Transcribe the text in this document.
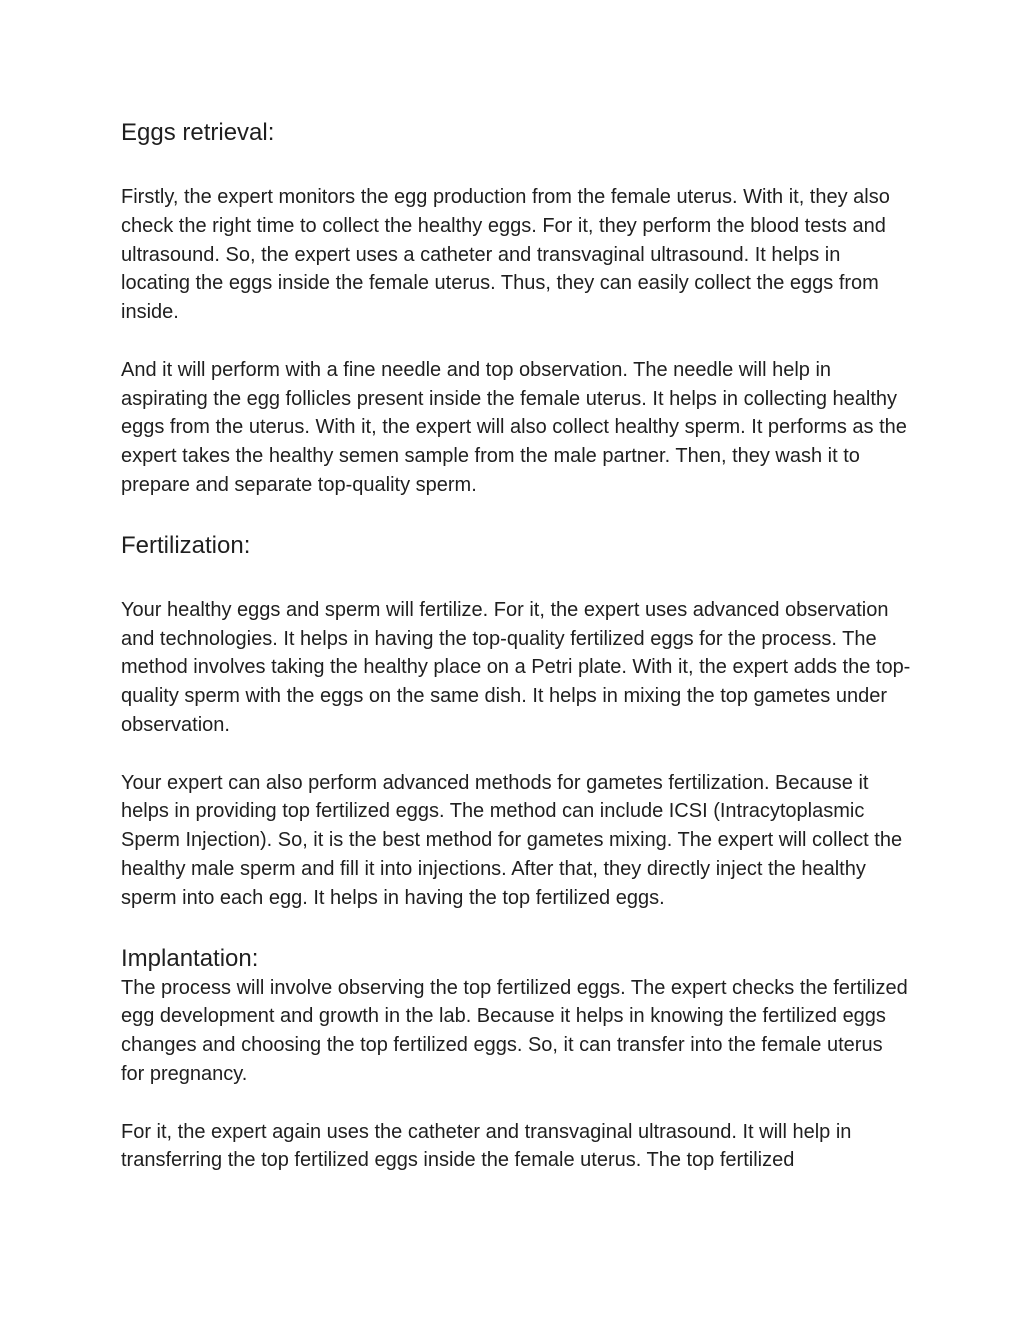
Eggs retrieval:

Firstly, the expert monitors the egg production from the female uterus. With it, they also check the right time to collect the healthy eggs. For it, they perform the blood tests and ultrasound. So, the expert uses a catheter and transvaginal ultrasound. It helps in locating the eggs inside the female uterus. Thus, they can easily collect the eggs from inside.

And it will perform with a fine needle and top observation. The needle will help in aspirating the egg follicles present inside the female uterus. It helps in collecting healthy eggs from the uterus. With it, the expert will also collect healthy sperm. It performs as the expert takes the healthy semen sample from the male partner. Then, they wash it to prepare and separate top-quality sperm.

Fertilization:

Your healthy eggs and sperm will fertilize. For it, the expert uses advanced observation and technologies. It helps in having the top-quality fertilized eggs for the process. The method involves taking the healthy place on a Petri plate. With it, the expert adds the top-quality sperm with the eggs on the same dish. It helps in mixing the top gametes under observation.

Your expert can also perform advanced methods for gametes fertilization. Because it helps in providing top fertilized eggs. The method can include ICSI (Intracytoplasmic Sperm Injection). So, it is the best method for gametes mixing. The expert will collect the healthy male sperm and fill it into injections. After that, they directly inject the healthy sperm into each egg. It helps in having the top fertilized eggs.

Implantation:

The process will involve observing the top fertilized eggs. The expert checks the fertilized egg development and growth in the lab. Because it helps in knowing the fertilized eggs changes and choosing the top fertilized eggs. So, it can transfer into the female uterus for pregnancy.

For it, the expert again uses the catheter and transvaginal ultrasound. It will help in transferring the top fertilized eggs inside the female uterus. The top fertilized
